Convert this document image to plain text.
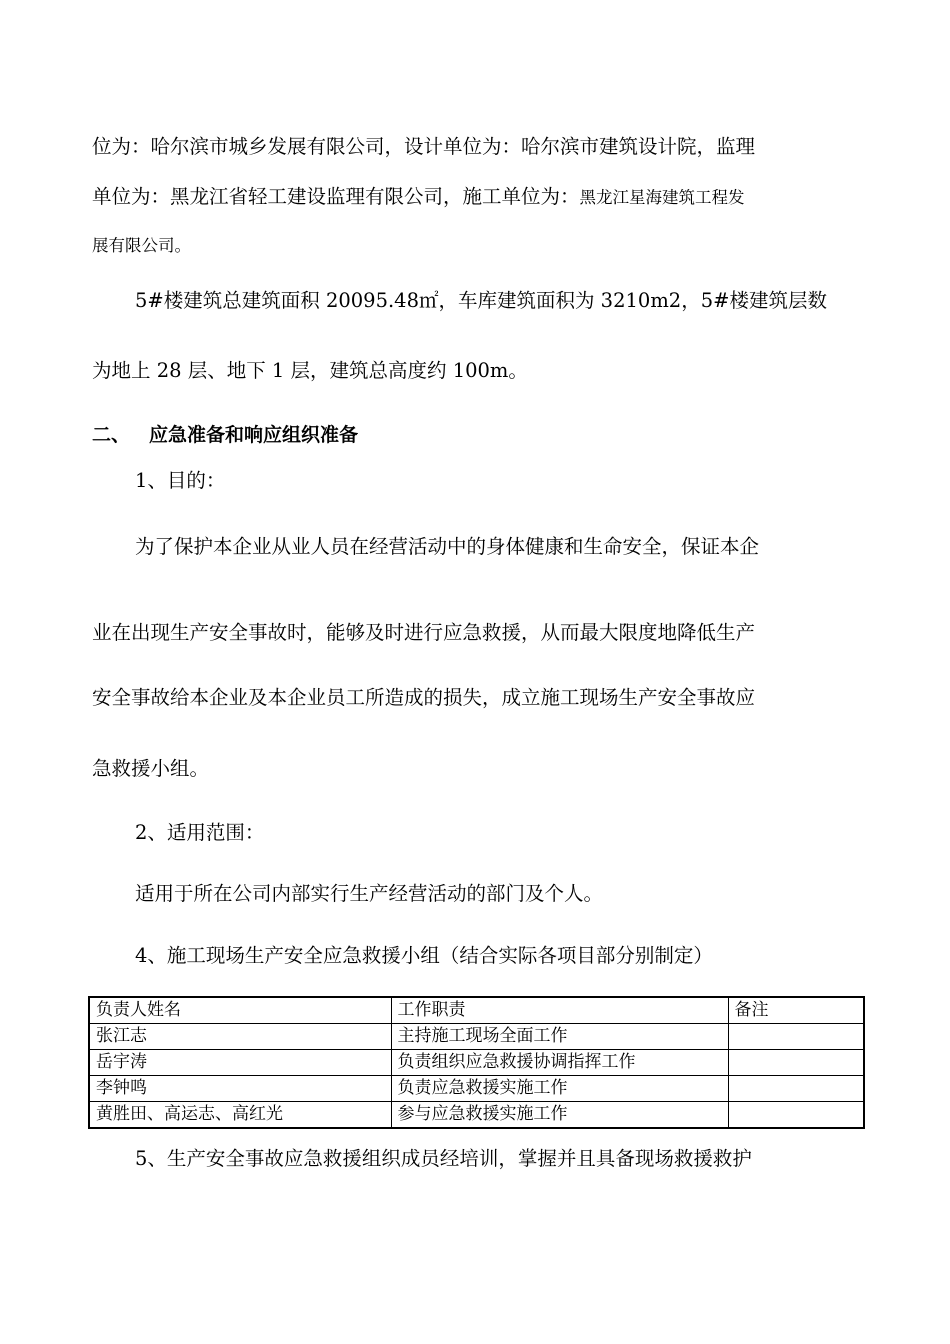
位为：哈尔滨市城乡发展有限公司，设计单位为：哈尔滨市建筑设计院，监理
单位为：黑龙江省轻工建设监理有限公司，施工单位为：黑龙江星海建筑工程发
展有限公司。
5#楼建筑总建筑面积 20095.48㎡，车库建筑面积为 3210m2，5#楼建筑层数
为地上 28 层、地下 1 层，建筑总高度约 100m。
二、 应急准备和响应组织准备
1、目的：
为了保护本企业从业人员在经营活动中的身体健康和生命安全，保证本企
业在出现生产安全事故时，能够及时进行应急救援，从而最大限度地降低生产
安全事故给本企业及本企业员工所造成的损失，成立施工现场生产安全事故应
急救援小组。
2、适用范围：
适用于所在公司内部实行生产经营活动的部门及个人。
4、施工现场生产安全应急救援小组（结合实际各项目部分别制定）
负责人姓名	工作职责	备注
张江志	主持施工现场全面工作	
岳宇涛	负责组织应急救援协调指挥工作	
李钟鸣	负责应急救援实施工作	
黄胜田、高运志、高红光	参与应急救援实施工作	
5、生产安全事故应急救援组织成员经培训，掌握并且具备现场救援救护
